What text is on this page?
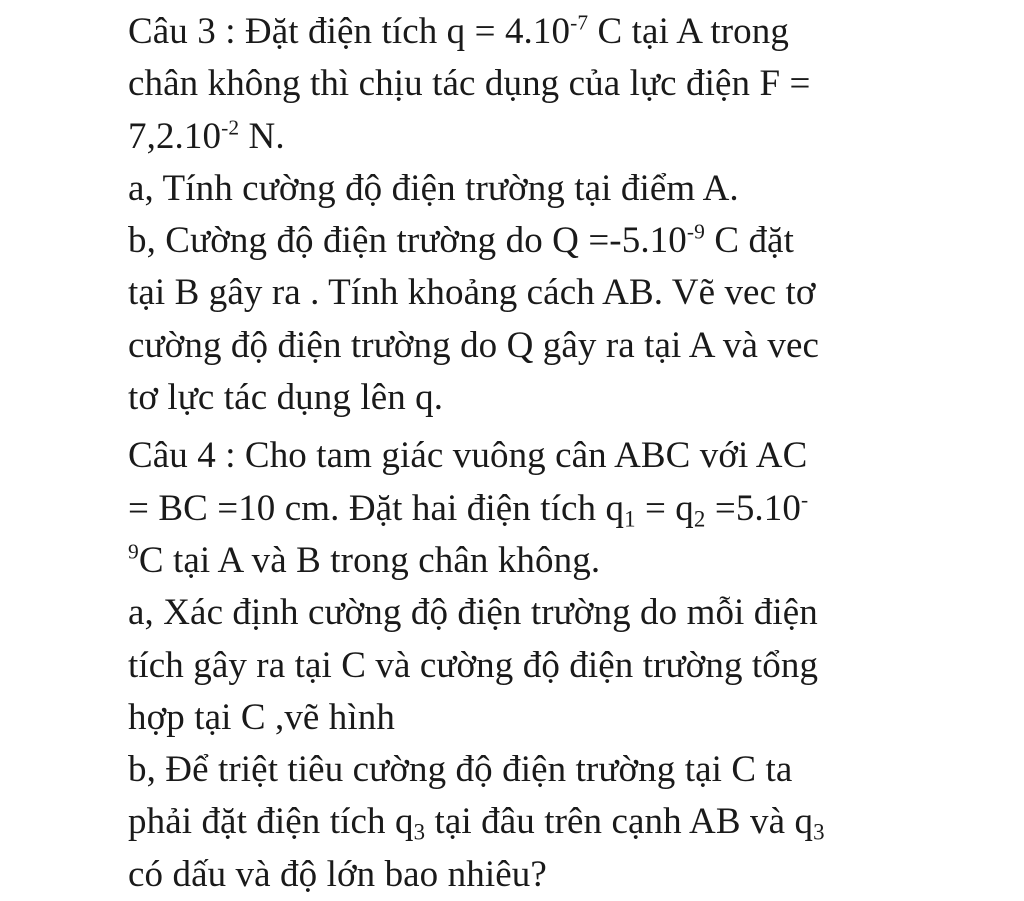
Câu 3 : Đặt điện tích $q = 4.10^{-7}$ C tại A trong
chân không thì chịu tác dụng của lực điện F =
$7,2.10^{-2}$ N.
a, Tính cường độ điện trường tại điểm A.
b, Cường độ điện trường do $Q =-5.10^{-9}$ C đặt
tại B gây ra . Tính khoảng cách AB. Vẽ vec tơ
cường độ điện trường do Q gây ra tại A và vec
tơ lực tác dụng lên q.
Câu 4 : Cho tam giác vuông cân ABC với AC
= BC =10 cm. Đặt hai điện tích $q_1 = q_2 =5.10^-$
$^9$C tại A và B trong chân không.
a, Xác định cường độ điện trường do mỗi điện
tích gây ra tại C và cường độ điện trường tổng
hợp tại C ,vẽ hình
b, Để triệt tiêu cường độ điện trường tại C ta
phải đặt điện tích $q_3$ tại đâu trên cạnh AB và $q_3$
có dấu và độ lớn bao nhiêu?
